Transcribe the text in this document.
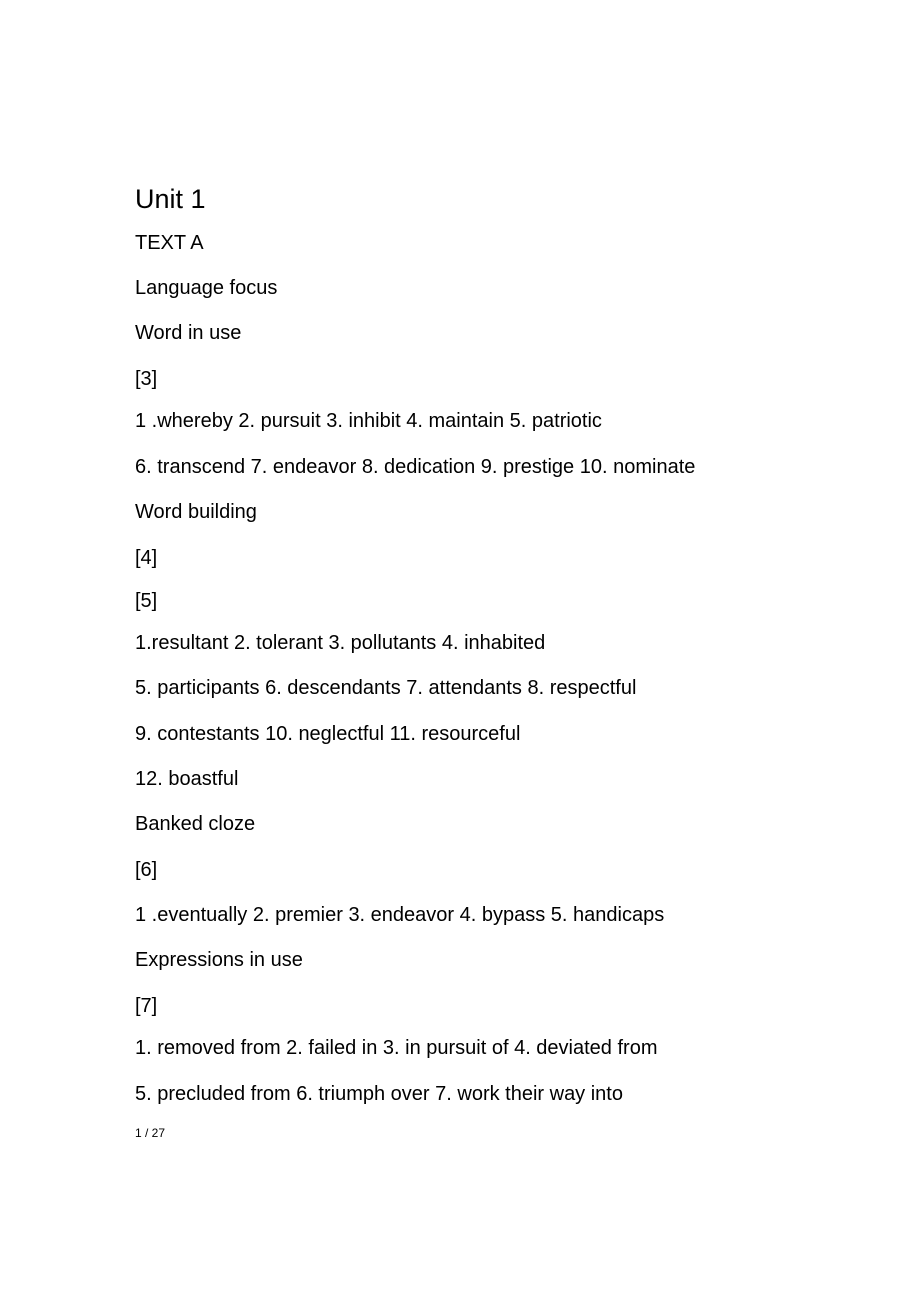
Unit 1

TEXT A

Language focus

Word in use

[3]

1 .whereby 2. pursuit 3. inhibit 4. maintain 5. patriotic

6. transcend 7. endeavor 8. dedication 9. prestige 10. nominate

Word building

[4]

[5]

1.resultant 2. tolerant 3. pollutants 4. inhabited

5. participants 6. descendants 7. attendants 8. respectful

9. contestants 10. neglectful 11. resourceful

12. boastful

Banked cloze

[6]

1 .eventually 2. premier 3. endeavor 4. bypass 5. handicaps

Expressions in use

[7]

1. removed from 2. failed in 3. in pursuit of 4. deviated from

5. precluded from 6. triumph over 7. work their way into

1 / 27
